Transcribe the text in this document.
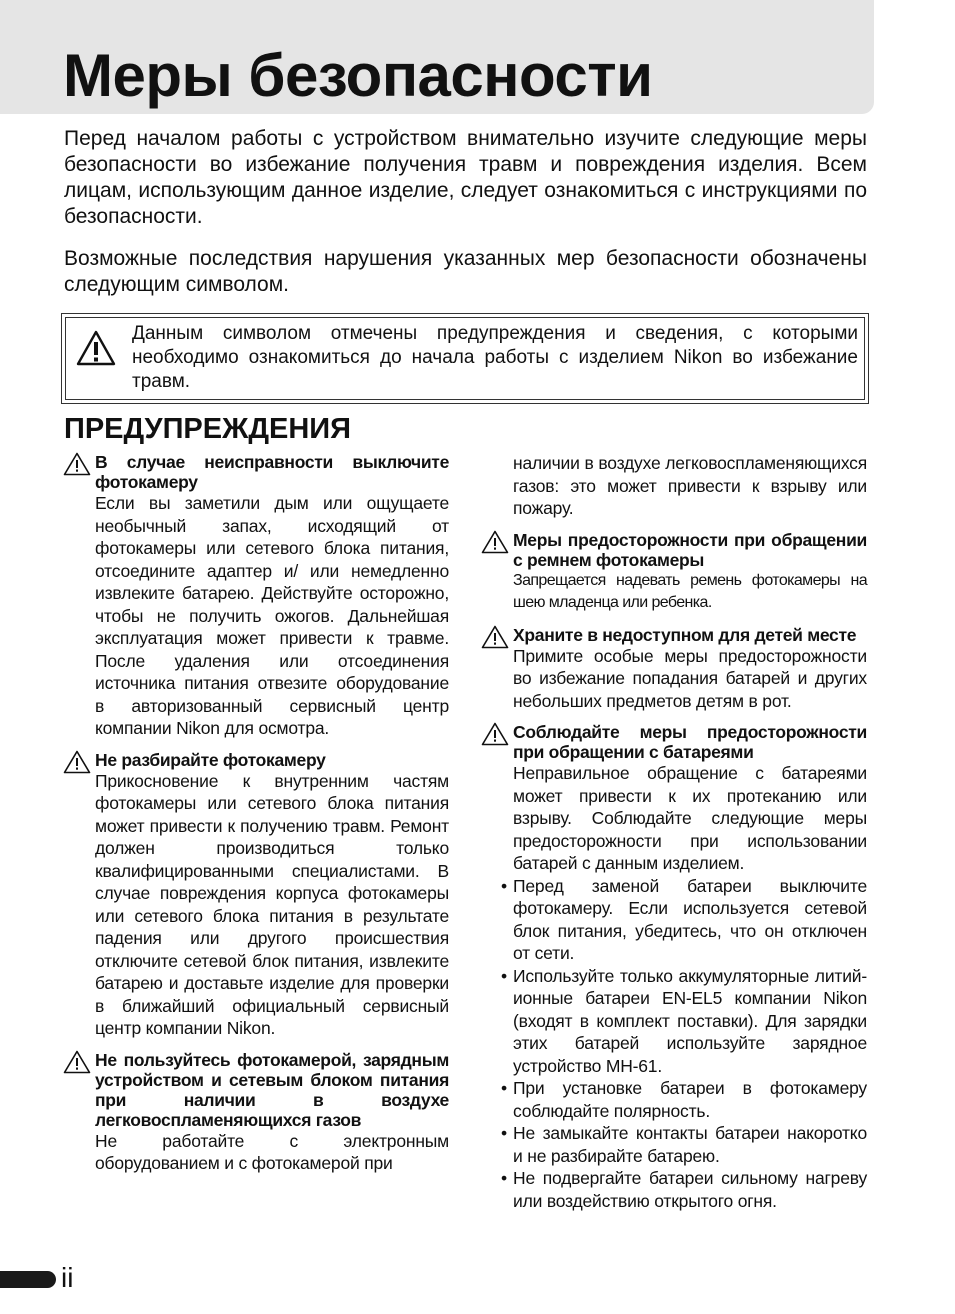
Меры безопасности

Перед началом работы с устройством внимательно изучите следующие меры безопасности во избежание получения травм и повреждения изделия. Всем лицам, использующим данное изделие, следует ознакомиться с инструкциями по безопасности.

Возможные последствия нарушения указанных мер безопасности обозначены следующим символом.

Данным символом отмечены предупреждения и сведения, с которыми необходимо ознакомиться до начала работы с изделием Nikon во избежание травм.

ПРЕДУПРЕЖДЕНИЯ

В случае неисправности выключите фотокамеру

Если вы заметили дым или ощущаете необычный запах, исходящий от фотокамеры или сетевого блока питания, отсоедините адаптер и/ или немедленно извлеките батарею. Действуйте осторожно, чтобы не получить ожогов. Дальнейшая эксплуатация может привести к травме. После удаления или отсоединения источника питания отвезите оборудование в авторизованный сервисный центр компании Nikon для осмотра.

Не разбирайте фотокамеру

Прикосновение к внутренним частям фотокамеры или сетевого блока питания может привести к получению травм. Ремонт должен производиться только квалифицированными специалистами. В случае повреждения корпуса фотокамеры или сетевого блока питания в результате падения или другого происшествия отключите сетевой блок питания, извлеките батарею и доставьте изделие для проверки в ближайший официальный сервисный центр компании Nikon.

Не пользуйтесь фотокамерой, зарядным устройством и сетевым блоком питания при наличии в воздухе легковоспламеняющихся газов

Не работайте с электронным оборудованием и с фотокамерой при

наличии в воздухе легковоспламеняющихся газов: это может привести к взрыву или пожару.

Меры предосторожности при обращении с ремнем фотокамеры

Запрещается надевать ремень фотокамеры на шею младенца или ребенка.

Храните в недоступном для детей месте

Примите особые меры предосторожности во избежание попадания батарей и других небольших предметов детям в рот.

Соблюдайте меры предосторожности при обращении с батареями

Неправильное обращение с батареями может привести к их протеканию или взрыву. Соблюдайте следующие меры предосторожности при использовании батарей с данным изделием.

• Перед заменой батареи выключите фотокамеру. Если используется сетевой блок питания, убедитесь, что он отключен от сети.
• Используйте только аккумуляторные литий-ионные батареи EN-EL5 компании Nikon (входят в комплект поставки). Для зарядки этих батарей используйте зарядное устройство MH-61.
• При установке батареи в фотокамеру соблюдайте полярность.
• Не замыкайте контакты батареи накоротко и не разбирайте батарею.
• Не подвергайте батареи сильному нагреву или воздействию открытого огня.
ii
